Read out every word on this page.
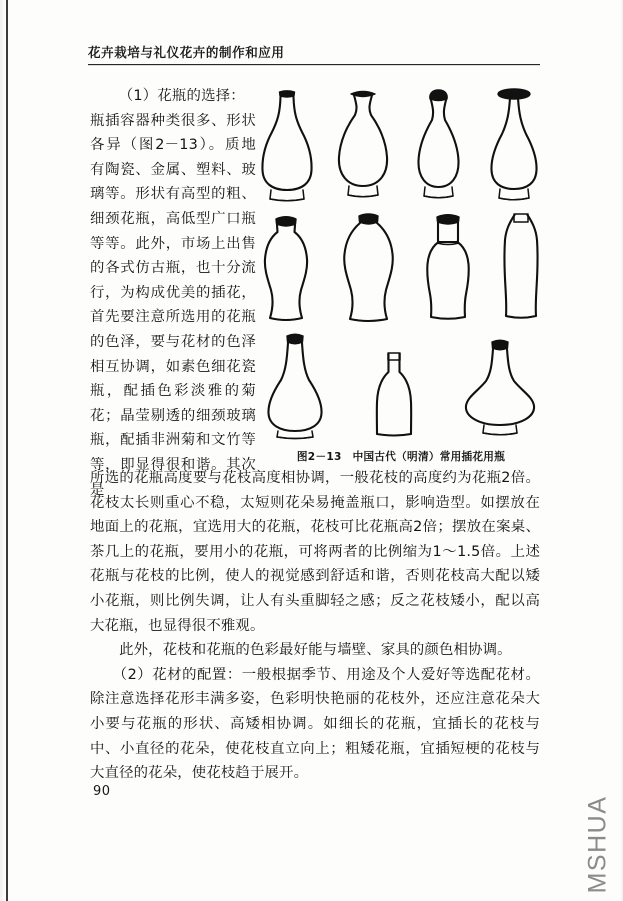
花卉栽培与礼仪花卉的制作和应用

（1）花瓶的选择：

瓶插容器种类很多、形状各异（图2－13）。质地有陶瓷、金属、塑料、玻璃等。形状有高型的粗、细颈花瓶，高低型广口瓶等等。此外，市场上出售的各式仿古瓶，也十分流行，为构成优美的插花，首先要注意所选用的花瓶的色泽，要与花材的色泽相互协调，如素色细花瓷瓶，配插色彩淡雅的菊花；晶莹剔透的细颈玻璃瓶，配插非洲菊和文竹等等，即显得很和谐。其次是

图2－13　中国古代（明清）常用插花用瓶

所选的花瓶高度要与花枝高度相协调，一般花枝的高度约为花瓶2倍。花枝太长则重心不稳，太短则花朵易掩盖瓶口，影响造型。如摆放在地面上的花瓶，宜选用大的花瓶，花枝可比花瓶高2倍；摆放在案桌、茶几上的花瓶，要用小的花瓶，可将两者的比例缩为1～1.5倍。上述花瓶与花枝的比例，使人的视觉感到舒适和谐，否则花枝高大配以矮小花瓶，则比例失调，让人有头重脚轻之感；反之花枝矮小，配以高大花瓶，也显得很不雅观。

　　此外，花枝和花瓶的色彩最好能与墙壁、家具的颜色相协调。

　　（2）花材的配置：一般根据季节、用途及个人爱好等选配花材。除注意选择花形丰满多姿，色彩明快艳丽的花枝外，还应注意花朵大小要与花瓶的形状、高矮相协调。如细长的花瓶，宜插长的花枝与中、小直径的花朵，使花枝直立向上；粗矮花瓶，宜插短梗的花枝与大直径的花朵，使花枝趋于展开。

90
MSHUA
